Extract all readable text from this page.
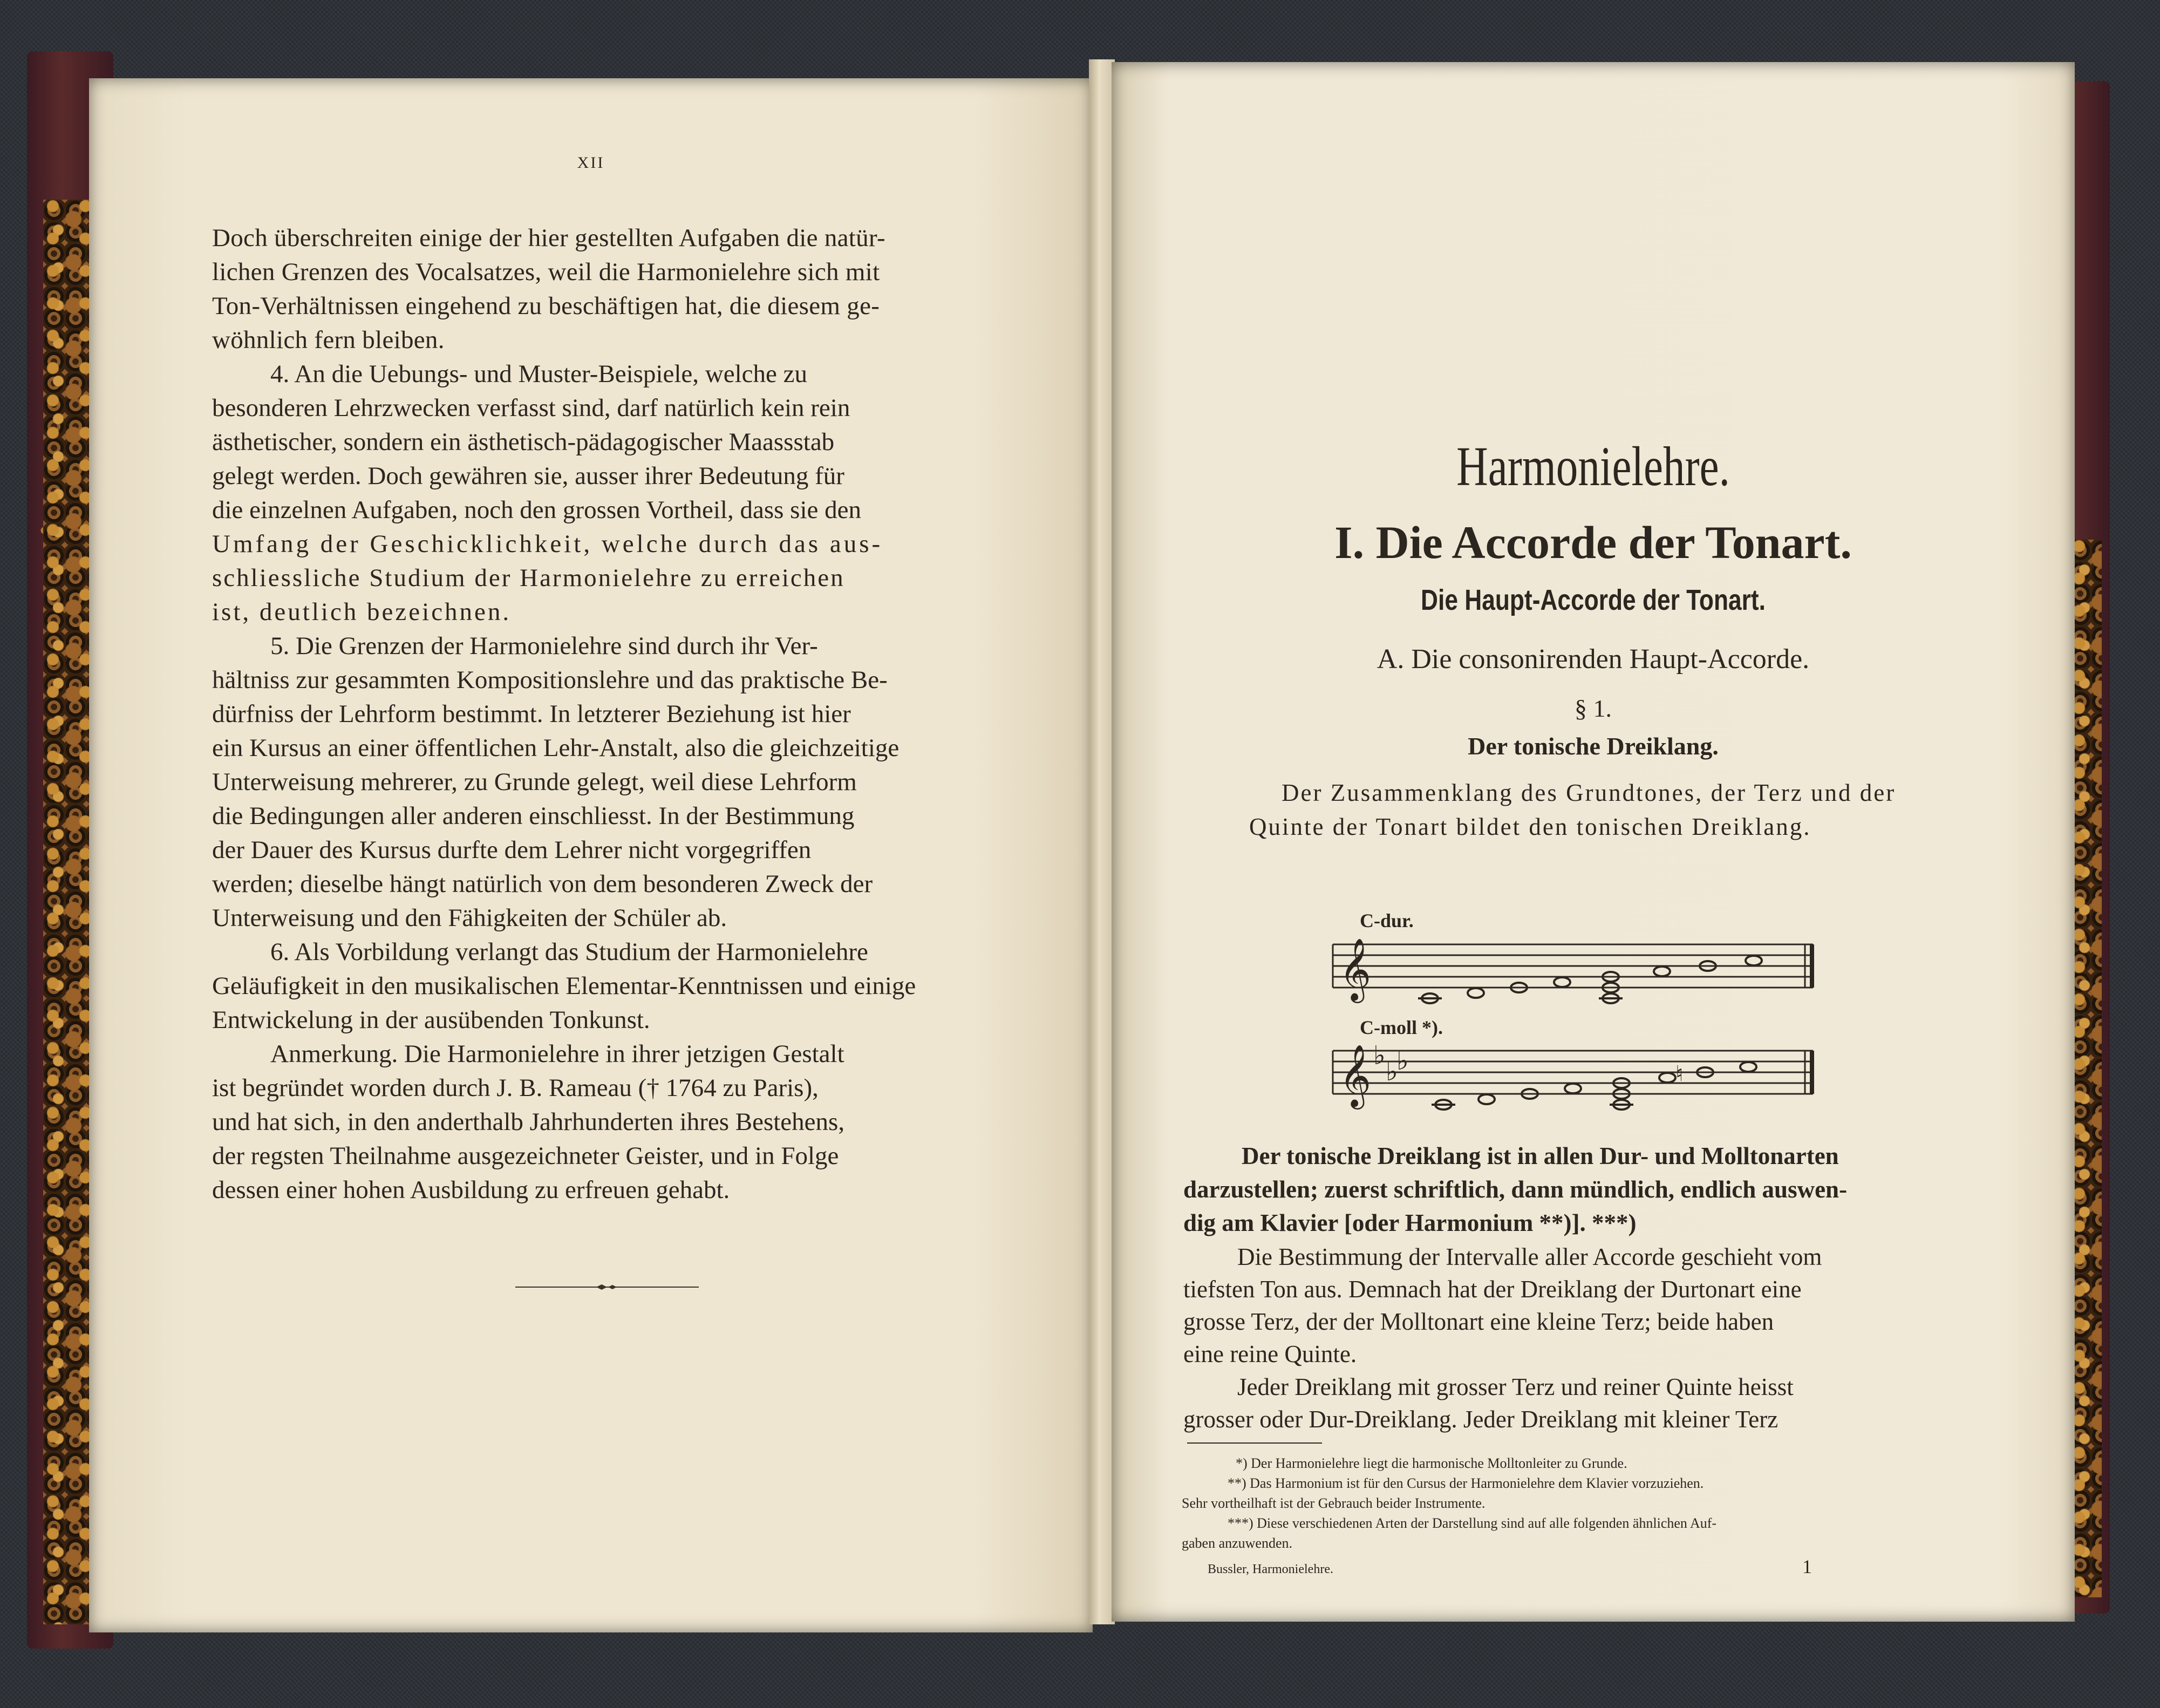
XII
Doch überschreiten einige der hier gestellten Aufgaben die natür-
lichen Grenzen des Vocalsatzes, weil die Harmonielehre sich mit
Ton-Verhältnissen eingehend zu beschäftigen hat, die diesem ge-
wöhnlich fern bleiben.
4. An die Uebungs- und Muster-Beispiele, welche zu
besonderen Lehrzwecken verfasst sind, darf natürlich kein rein
ästhetischer, sondern ein ästhetisch-pädagogischer Maassstab
gelegt werden. Doch gewähren sie, ausser ihrer Bedeutung für
die einzelnen Aufgaben, noch den grossen Vortheil, dass sie den
Umfang der Geschicklichkeit, welche durch das aus-
schliessliche Studium der Harmonielehre zu erreichen
ist, deutlich bezeichnen.
5. Die Grenzen der Harmonielehre sind durch ihr Ver-
hältniss zur gesammten Kompositionslehre und das praktische Be-
dürfniss der Lehrform bestimmt. In letzterer Beziehung ist hier
ein Kursus an einer öffentlichen Lehr-Anstalt, also die gleichzeitige
Unterweisung mehrerer, zu Grunde gelegt, weil diese Lehrform
die Bedingungen aller anderen einschliesst. In der Bestimmung
der Dauer des Kursus durfte dem Lehrer nicht vorgegriffen
werden; dieselbe hängt natürlich von dem besonderen Zweck der
Unterweisung und den Fähigkeiten der Schüler ab.
6. Als Vorbildung verlangt das Studium der Harmonielehre
Geläufigkeit in den musikalischen Elementar-Kenntnissen und einige
Entwickelung in der ausübenden Tonkunst.
Anmerkung. Die Harmonielehre in ihrer jetzigen Gestalt
ist begründet worden durch J. B. Rameau († 1764 zu Paris),
und hat sich, in den anderthalb Jahrhunderten ihres Bestehens,
der regsten Theilnahme ausgezeichneter Geister, und in Folge
dessen einer hohen Ausbildung zu erfreuen gehabt.
Harmonielehre.
I. Die Accorde der Tonart.
Die Haupt-Accorde der Tonart.
A. Die consonirenden Haupt-Accorde.
§ 1.
Der tonische Dreiklang.
Der Zusammenklang des Grundtones, der Terz und der
Quinte der Tonart bildet den tonischen Dreiklang.
C-dur.
𝄞
C-moll *).
𝄞 ♭
♭
♭	♮
Der tonische Dreiklang ist in allen Dur- und Molltonarten
darzustellen; zuerst schriftlich, dann mündlich, endlich auswen-
dig am Klavier [oder Harmonium **)]. ***)
Die Bestimmung der Intervalle aller Accorde geschieht vom
tiefsten Ton aus. Demnach hat der Dreiklang der Durtonart eine
grosse Terz, der der Molltonart eine kleine Terz; beide haben
eine reine Quinte.
Jeder Dreiklang mit grosser Terz und reiner Quinte heisst
grosser oder Dur-Dreiklang. Jeder Dreiklang mit kleiner Terz
*) Der Harmonielehre liegt die harmonische Molltonleiter zu Grunde.
**) Das Harmonium ist für den Cursus der Harmonielehre dem Klavier vorzuziehen.
Sehr vortheilhaft ist der Gebrauch beider Instrumente.
***) Diese verschiedenen Arten der Darstellung sind auf alle folgenden ähnlichen Auf-
gaben anzuwenden.
Bussler, Harmonielehre.	1
